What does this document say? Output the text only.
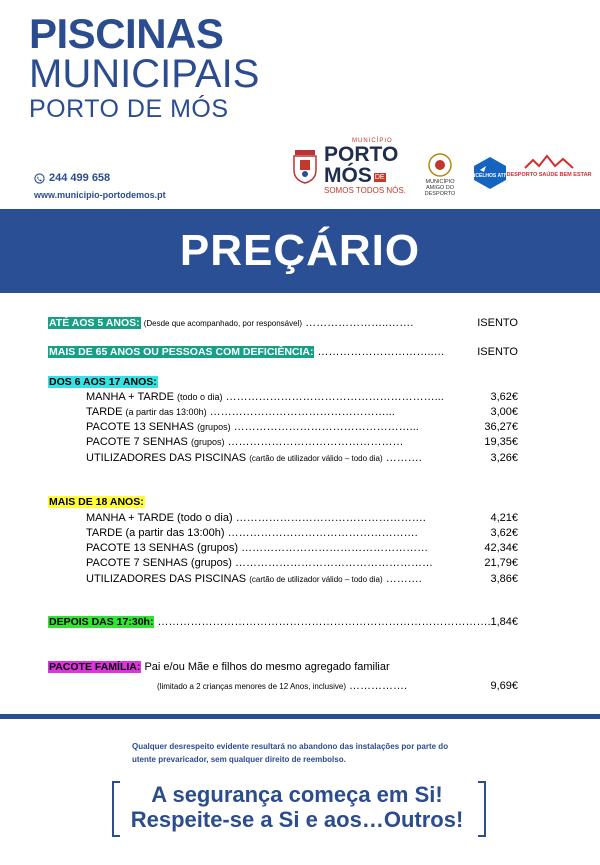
PISCINAS
MUNICIPAIS
PORTO DE MÓS
244 499 658
www.municipio-portodemos.pt
MUNICÍPIO
PORTO
MÓS DE
SOMOS TODOS NÓS.
MUNICÍPIO AMIGO DO DESPORTO
CONCELHOS ATIVOS
DESPORTO SAÚDE BEM ESTAR
PREÇÁRIO
ATÉ AOS 5 ANOS: (Desde que acompanhado, por responsável) …………………..…….	ISENTO
MAIS DE 65 ANOS OU PESSOAS COM DEFICIÊNCIA: …………………………..…	ISENTO
DOS 6 AOS 17 ANOS:
MANHA + TARDE (todo o dia) …………………………………………………...	3,62€
TARDE (a partir das 13:00h) …………………………………………...	3,00€
PACOTE 13 SENHAS (grupos) …………………………………………...	36,27€
PACOTE 7 SENHAS (grupos) …………………………………………	19,35€
UTILIZADORES DAS PISCINAS (cartão de utilizador válido – todo dia) ……….	3,26€
MAIS DE 18 ANOS:
MANHA + TARDE (todo o dia) …………………………………………….	4,21€
TARDE (a partir das 13:00h) …………………………………………….	3,62€
PACOTE 13 SENHAS (grupos) ……………………………………………	42,34€
PACOTE 7 SENHAS (grupos) ………………………………………………	21,79€
UTILIZADORES DAS PISCINAS (cartão de utilizador válido – todo dia) ……….	3,86€
DEPOIS DAS 17:30h: ………………………………………………………………………………. 1,84€
PACOTE FAMÍLIA: Pai e/ou Mãe e filhos do mesmo agregado familiar
(limitado a 2 crianças menores de 12 Anos, inclusive) …………….	9,69€
Qualquer desrespeito evidente resultará no abandono das instalações por parte do utente prevaricador, sem qualquer direito de reembolso.
A segurança começa em Si!
Respeite-se a Si e aos…Outros!
